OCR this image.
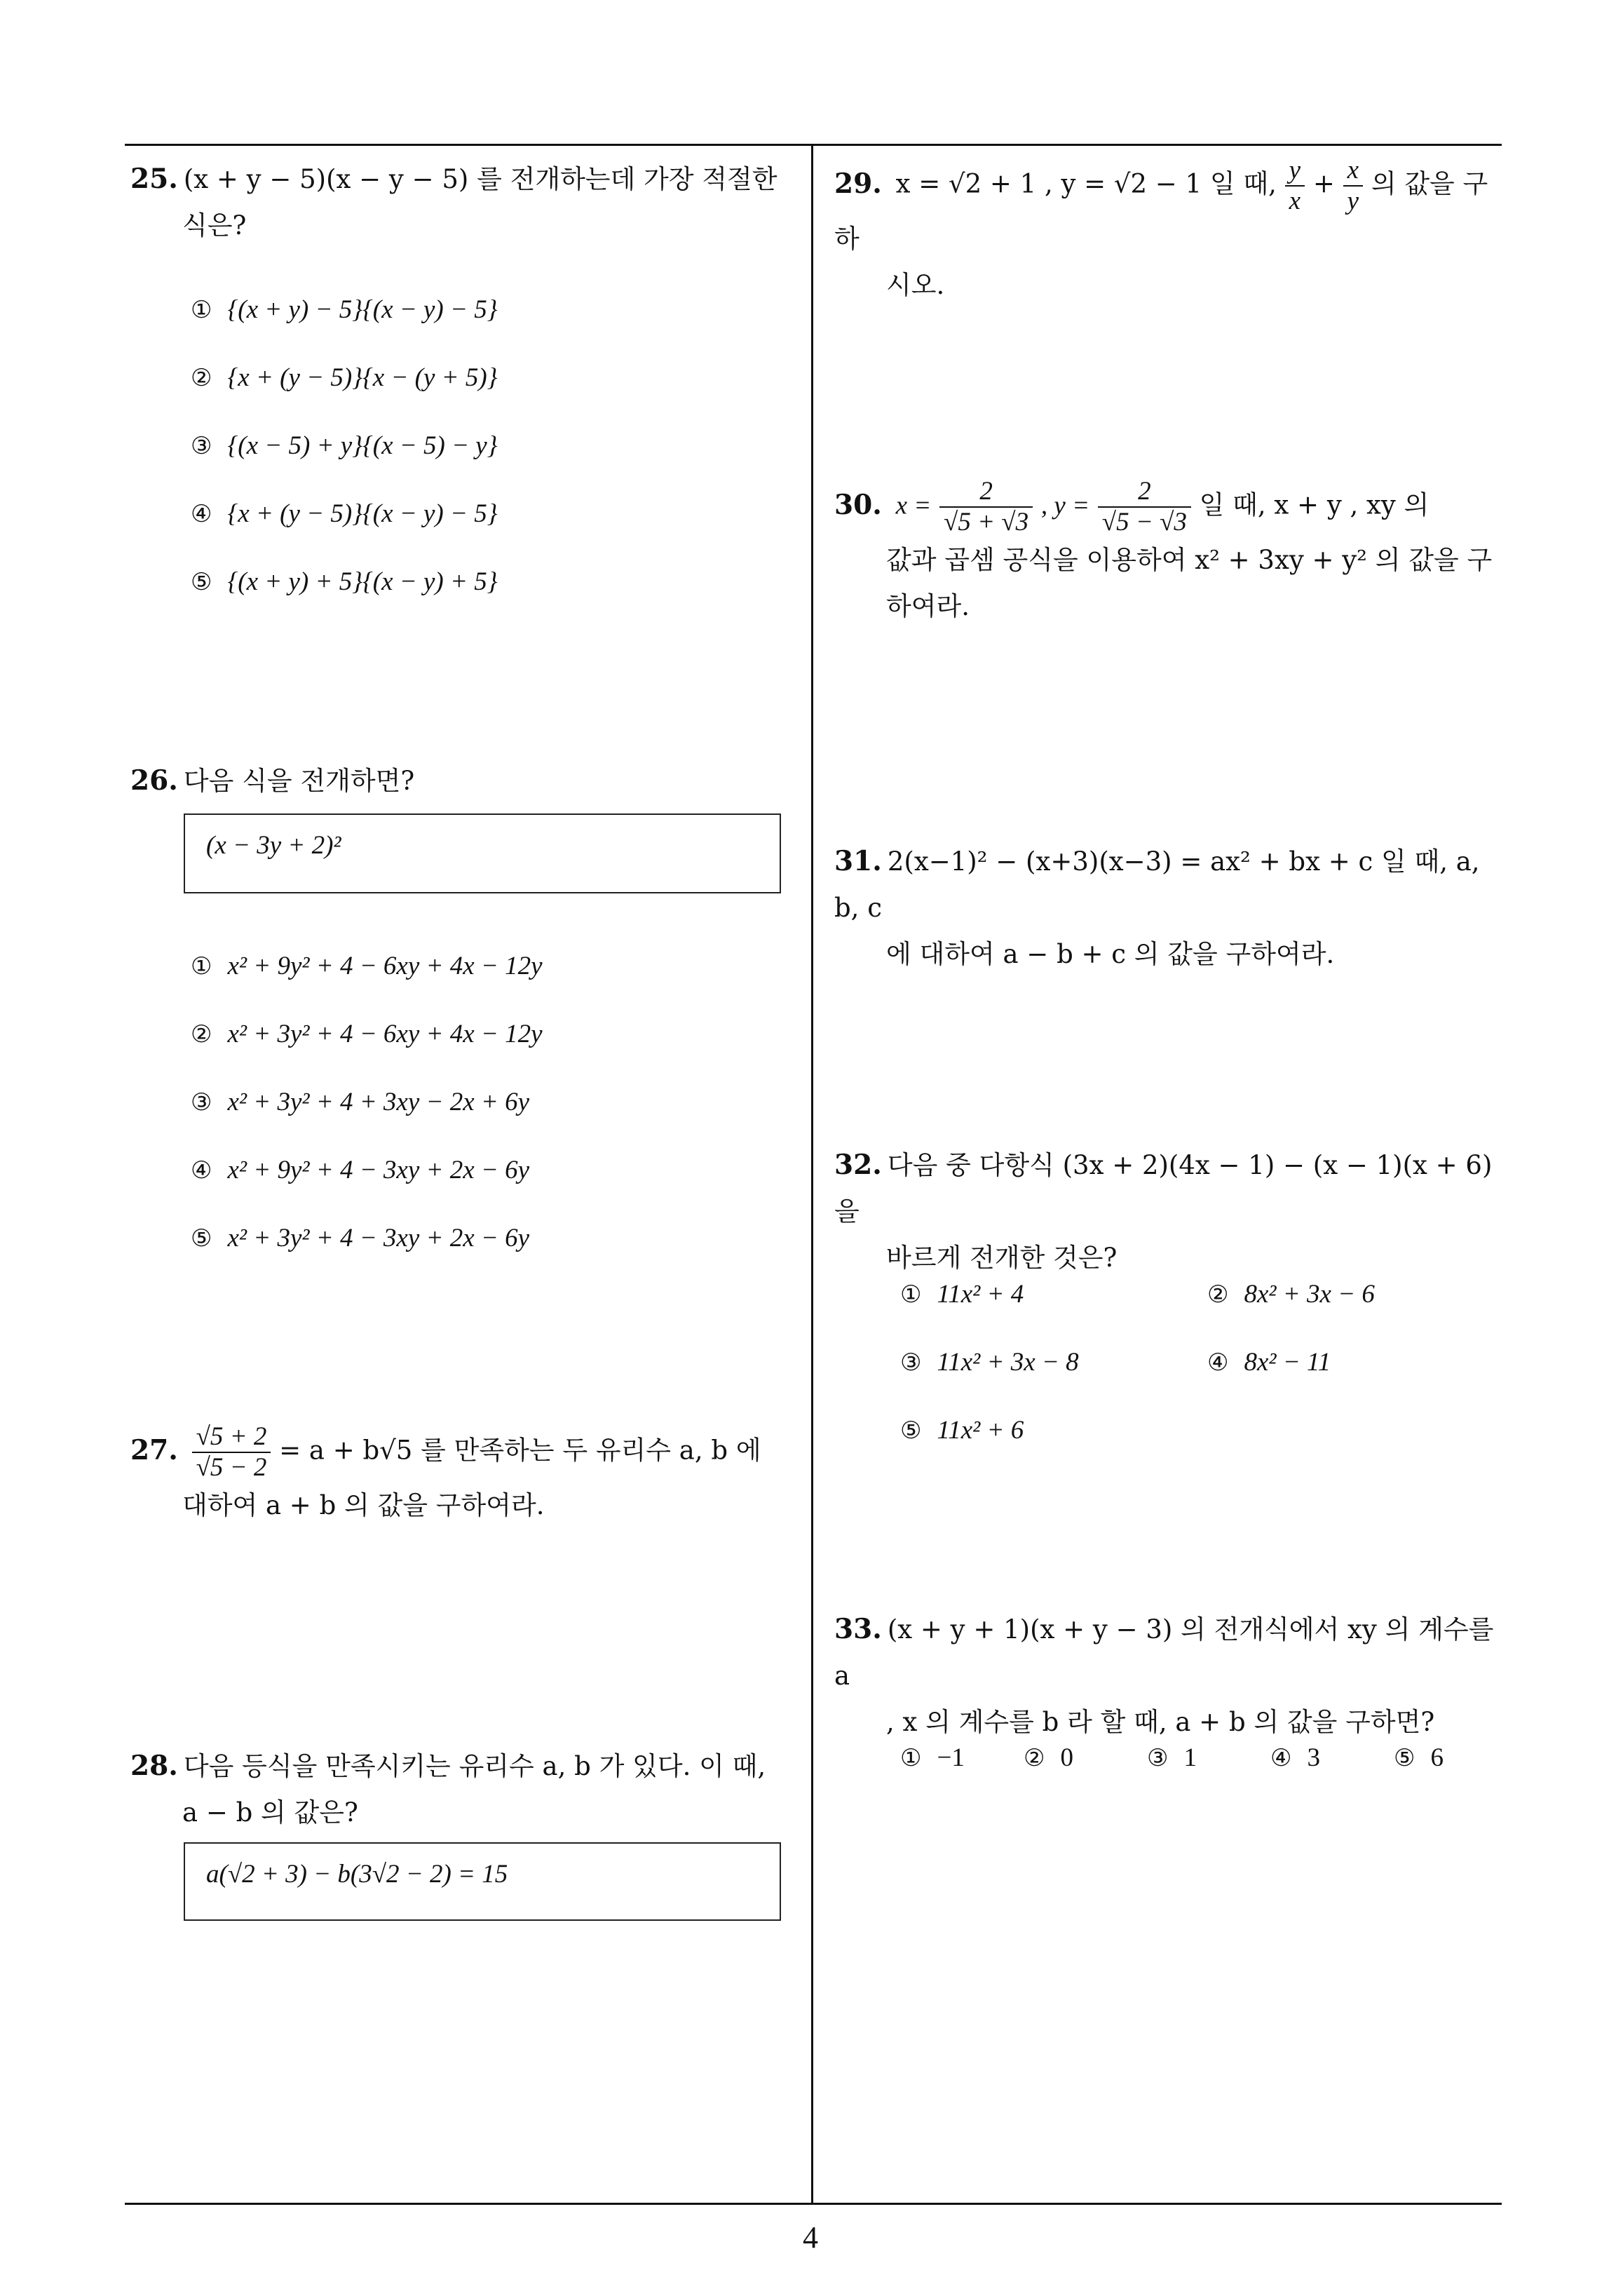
25. (x + y − 5)(x − y − 5) 를 전개하는데 가장 적절한
식은?
① {(x + y) − 5}{(x − y) − 5}
② {x + (y − 5)}{x − (y + 5)}
③ {(x − 5) + y}{(x − 5) − y}
④ {x + (y − 5)}{(x − y) − 5}
⑤ {(x + y) + 5}{(x − y) + 5}
26. 다음 식을 전개하면?
(x − 3y + 2)²
① x² + 9y² + 4 − 6xy + 4x − 12y
② x² + 3y² + 4 − 6xy + 4x − 12y
③ x² + 3y² + 4 + 3xy − 2x + 6y
④ x² + 9y² + 4 − 3xy + 2x − 6y
⑤ x² + 3y² + 4 − 3xy + 2x − 6y
27. $\frac{√5 + 2}{√5 - 2} = a + b√5$ 를 만족하는 두 유리수 a, b 에
대하여 a + b 의 값을 구하여라.
28. 다음 등식을 만족시키는 유리수 a, b 가 있다. 이 때,
a − b 의 값은?
a(√2 + 3) − b(3√2 − 2) = 15
29. x = √2 + 1 , y = √2 − 1 일 때, $\frac{y}{x} + \frac{x}{y}$ 의 값을 구하
시오.
30. $x = \frac{2}{√5 + √3}$ , $y = \frac{2}{√5 - √3}$ 일 때, x + y , xy 의
값과 곱셈 공식을 이용하여 x² + 3xy + y² 의 값을 구
하여라.
31. 2(x−1)² − (x+3)(x−3) = ax² + bx + c 일 때, a, b, c
에 대하여 a − b + c 의 값을 구하여라.
32. 다음 중 다항식 (3x + 2)(4x − 1) − (x − 1)(x + 6) 을
바르게 전개한 것은?
① 11x² + 4	② 8x² + 3x − 6
③ 11x² + 3x − 8	④ 8x² − 11
⑤ 11x² + 6
33. (x + y + 1)(x + y − 3) 의 전개식에서 xy 의 계수를 a
, x 의 계수를 b 라 할 때, a + b 의 값을 구하면?
① −1 ② 0	③ 1	④ 3	⑤ 6
4
